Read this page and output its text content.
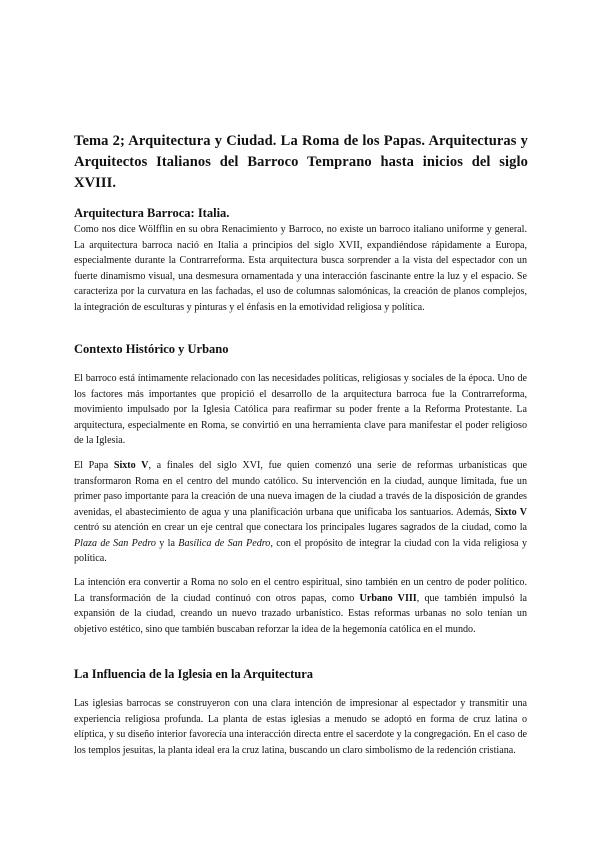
Tema 2; Arquitectura y Ciudad. La Roma de los Papas. Arquitecturas y Arquitectos Italianos del Barroco Temprano hasta inicios del siglo XVIII.
Arquitectura Barroca: Italia.

Como nos dice Wölfflin en su obra Renacimiento y Barroco, no existe un barroco italiano uniforme y general. La arquitectura barroca nació en Italia a principios del siglo XVII, expandiéndose rápidamente a Europa, especialmente durante la Contrarreforma. Esta arquitectura busca sorprender a la vista del espectador con un fuerte dinamismo visual, una desmesura ornamentada y una interacción fascinante entre la luz y el espacio. Se caracteriza por la curvatura en las fachadas, el uso de columnas salomónicas, la creación de planos complejos, la integración de esculturas y pinturas y el énfasis en la emotividad religiosa y política.

Contexto Histórico y Urbano

El barroco está íntimamente relacionado con las necesidades políticas, religiosas y sociales de la época. Uno de los factores más importantes que propició el desarrollo de la arquitectura barroca fue la Contrarreforma, movimiento impulsado por la Iglesia Católica para reafirmar su poder frente a la Reforma Protestante. La arquitectura, especialmente en Roma, se convirtió en una herramienta clave para manifestar el poder religioso de la Iglesia.

El Papa Sixto V, a finales del siglo XVI, fue quien comenzó una serie de reformas urbanísticas que transformaron Roma en el centro del mundo católico. Su intervención en la ciudad, aunque limitada, fue un primer paso importante para la creación de una nueva imagen de la ciudad a través de la disposición de grandes avenidas, el abastecimiento de agua y una planificación urbana que unificaba los santuarios. Además, Sixto V centró su atención en crear un eje central que conectara los principales lugares sagrados de la ciudad, como la Plaza de San Pedro y la Basílica de San Pedro, con el propósito de integrar la ciudad con la vida religiosa y política.

La intención era convertir a Roma no solo en el centro espiritual, sino también en un centro de poder político. La transformación de la ciudad continuó con otros papas, como Urbano VIII, que también impulsó la expansión de la ciudad, creando un nuevo trazado urbanístico. Estas reformas urbanas no solo tenían un objetivo estético, sino que también buscaban reforzar la idea de la hegemonía católica en el mundo.

La Influencia de la Iglesia en la Arquitectura

Las iglesias barrocas se construyeron con una clara intención de impresionar al espectador y transmitir una experiencia religiosa profunda. La planta de estas iglesias a menudo se adoptó en forma de cruz latina o elíptica, y su diseño interior favorecía una interacción directa entre el sacerdote y la congregación. En el caso de los templos jesuitas, la planta ideal era la cruz latina, buscando un claro simbolismo de la redención cristiana.
